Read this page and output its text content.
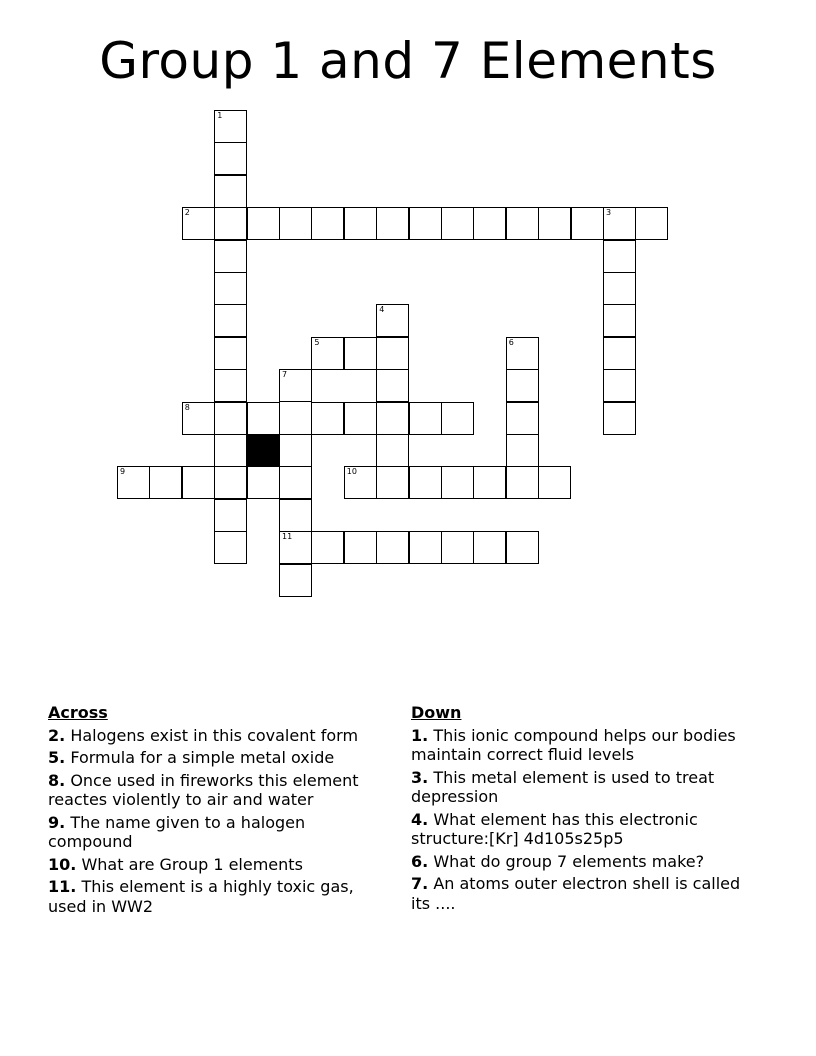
Group 1 and 7 Elements
1
2	3
4
5	6
7
11
8
9	10
Across
2. Halogens exist in this covalent form
5. Formula for a simple metal oxide
8. Once used in fireworks this element reactes violently to air and water
9. The name given to a halogen compound
10. What are Group 1 elements
11. This element is a highly toxic gas, used in WW2
Down
1. This ionic compound helps our bodies maintain correct fluid levels
3. This metal element is used to treat depression
4. What element has this electronic structure:[Kr] 4d105s25p5
6. What do group 7 elements make?
7. An atoms outer electron shell is called its ....
